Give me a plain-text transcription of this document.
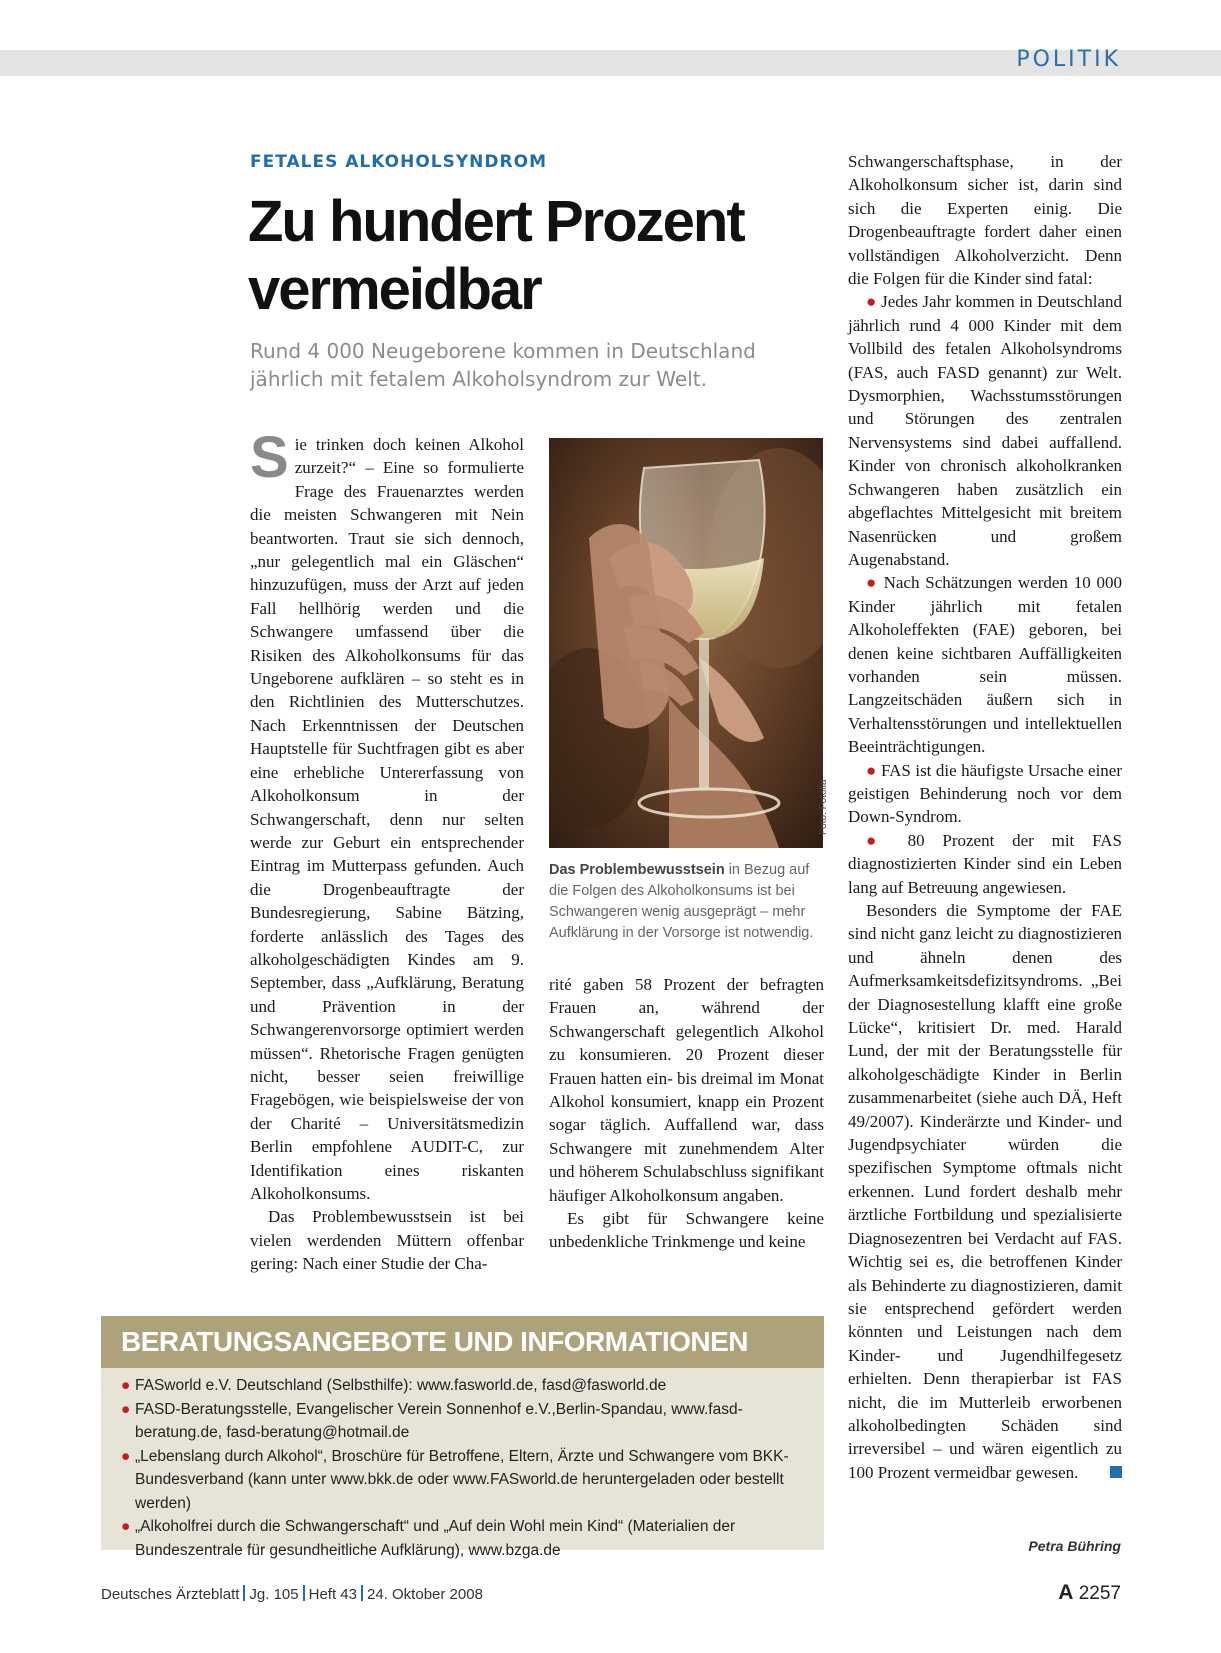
POLITIK
FETALES ALKOHOLSYNDROM
Zu hundert Prozent vermeidbar
Rund 4 000 Neugeborene kommen in Deutschland jährlich mit fetalem Alkoholsyndrom zur Welt.

Sie trinken doch keinen Alkohol zurzeit?“ – Eine so formulierte Frage des Frauenarztes werden die meisten Schwangeren mit Nein beantworten. Traut sie sich dennoch, „nur gelegentlich mal ein Gläschen“ hinzuzufügen, muss der Arzt auf jeden Fall hellhörig werden und die Schwangere umfassend über die Risiken des Alkoholkonsums für das Ungeborene aufklären – so steht es in den Richtlinien des Mutterschutzes. Nach Erkenntnissen der Deutschen Hauptstelle für Suchtfragen gibt es aber eine erhebliche Untererfassung von Alkoholkonsum in der Schwangerschaft, denn nur selten werde zur Geburt ein entsprechender Eintrag im Mutterpass gefunden. Auch die Drogenbeauftragte der Bundesregierung, Sabine Bätzing, forderte anlässlich des Tages des alkoholgeschädigten Kindes am 9. September, dass „Aufklärung, Beratung und Prävention in der Schwangerenvorsorge optimiert werden müssen“. Rhetorische Fragen genügten nicht, besser seien freiwillige Fragebögen, wie beispielsweise der von der Charité – Universitätsmedizin Berlin empfohlene AUDIT-C, zur Identifikation eines riskanten Alkoholkonsums.

Das Problembewusstsein ist bei vielen werdenden Müttern offenbar gering: Nach einer Studie der Cha-

Foto: Fotolia
Das Problembewusstsein in Bezug auf die Folgen des Alkoholkonsums ist bei Schwangeren wenig ausgeprägt – mehr Aufklärung in der Vorsorge ist notwendig.

rité gaben 58 Prozent der befragten Frauen an, während der Schwangerschaft gelegentlich Alkohol zu konsumieren. 20 Prozent dieser Frauen hatten ein- bis dreimal im Monat Alkohol konsumiert, knapp ein Prozent sogar täglich. Auffallend war, dass Schwangere mit zunehmendem Alter und höherem Schulabschluss signifikant häufiger Alkoholkonsum angaben.

Es gibt für Schwangere keine unbedenkliche Trinkmenge und keine

Schwangerschaftsphase, in der Alkoholkonsum sicher ist, darin sind sich die Experten einig. Die Drogenbeauftragte fordert daher einen vollständigen Alkoholverzicht. Denn die Folgen für die Kinder sind fatal:

● Jedes Jahr kommen in Deutschland jährlich rund 4 000 Kinder mit dem Vollbild des fetalen Alkoholsyndroms (FAS, auch FASD genannt) zur Welt. Dysmorphien, Wachsstumsstörungen und Störungen des zentralen Nervensystems sind dabei auffallend. Kinder von chronisch alkoholkranken Schwangeren haben zusätzlich ein abgeflachtes Mittelgesicht mit breitem Nasenrücken und großem Augenabstand.

● Nach Schätzungen werden 10 000 Kinder jährlich mit fetalen Alkoholeffekten (FAE) geboren, bei denen keine sichtbaren Auffälligkeiten vorhanden sein müssen. Langzeitschäden äußern sich in Verhaltensstörungen und intellektuellen Beeinträchtigungen.

● FAS ist die häufigste Ursache einer geistigen Behinderung noch vor dem Down-Syndrom.

● 80 Prozent der mit FAS diagnostizierten Kinder sind ein Leben lang auf Betreuung angewiesen.

Besonders die Symptome der FAE sind nicht ganz leicht zu diagnostizieren und ähneln denen des Aufmerksamkeitsdefizitsyndroms. „Bei der Diagnosestellung klafft eine große Lücke“, kritisiert Dr. med. Harald Lund, der mit der Beratungsstelle für alkoholgeschädigte Kinder in Berlin zusammenarbeitet (siehe auch DÄ, Heft 49/2007). Kinderärzte und Kinder- und Jugendpsychiater würden die spezifischen Symptome oftmals nicht erkennen. Lund fordert deshalb mehr ärztliche Fortbildung und spezialisierte Diagnosezentren bei Verdacht auf FAS. Wichtig sei es, die betroffenen Kinder als Behinderte zu diagnostizieren, damit sie entsprechend gefördert werden könnten und Leistungen nach dem Kinder- und Jugendhilfegesetz erhielten. Denn therapierbar ist FAS nicht, die im Mutterleib erworbenen alkoholbedingten Schäden sind irreversibel – und wären eigentlich zu 100 Prozent vermeidbar gewesen.

Petra Bühring
BERATUNGSANGEBOTE UND INFORMATIONEN
● FASworld e.V. Deutschland (Selbsthilfe): www.fasworld.de, fasd@fasworld.de
● FASD-Beratungsstelle, Evangelischer Verein Sonnenhof e.V.,Berlin-Spandau, www.fasd-beratung.de, fasd-beratung@hotmail.de
● „Lebenslang durch Alkohol“, Broschüre für Betroffene, Eltern, Ärzte und Schwangere vom BKK-Bundesverband (kann unter www.bkk.de oder www.FASworld.de heruntergeladen oder bestellt werden)
● „Alkoholfrei durch die Schwangerschaft“ und „Auf dein Wohl mein Kind“ (Materialien der Bundeszentrale für gesundheitliche Aufklärung), www.bzga.de
Deutsches Ärzteblatt Jg. 105 Heft 43 24. Oktober 2008	A 2257
